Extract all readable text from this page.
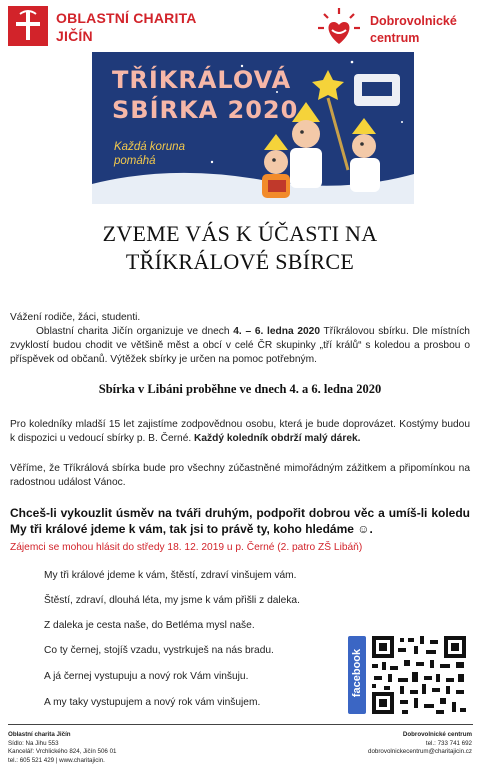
OBLASTNÍ CHARITA
JIČÍN
Dobrovolnické
centrum
TŘÍKRÁLOVÁ
SBÍRKA 2020
Každá koruna
pomáhá
ZVEME VÁS K ÚČASTI NA
TŘÍKRÁLOVÉ SBÍRCE
Vážení rodiče, žáci, studenti.
Oblastní charita Jičín organizuje ve dnech 4. – 6. ledna 2020 Tříkrálovou sbírku. Dle místních zvyklostí budou chodit ve většině měst a obcí v celé ČR skupinky „tří králů“ s koledou a prosbou o příspěvek od občanů. Výtěžek sbírky je určen na pomoc potřebným.
Sbírka v Libáni proběhne ve dnech 4. a 6. ledna 2020
Pro koledníky mladší 15 let zajistíme zodpovědnou osobu, která je bude doprovázet. Kostýmy budou k dispozici u vedoucí sbírky p. B. Černé. Každý koledník obdrží malý dárek.
Věříme, že Tříkrálová sbírka bude pro všechny zúčastněné mimořádným zážitkem a připomínkou na radostnou událost Vánoc.
Chceš-li vykouzlit úsměv na tváři druhým, podpořit dobrou věc a umíš-li koledu My tři králové jdeme k vám, tak jsi to právě ty, koho hledáme ☺.
Zájemci se mohou hlásit do středy 18. 12. 2019 u p. Černé (2. patro ZŠ Libáň)
My tři králové jdeme k vám, štěstí, zdraví vinšujem vám.
Štěstí, zdraví, dlouhá léta, my jsme k vám přišli z daleka.
Z daleka je cesta naše, do Betléma mysl naše.
Co ty černej, stojíš vzadu, vystrkuješ na nás bradu.
A já černej vystupuju a nový rok Vám vinšuju.
A my taky vystupujem a nový rok vám vinšujem.
facebook
Oblastní charita Jičín
Sídlo: Na Jihu 553
Kancelář: Vrchlického 824, Jičín 506 01
tel.: 605 521 429 | www.charitajicin.
Dobrovolnické centrum
tel.: 733 741 692
dobrovolnickecentrum@charitajicin.cz
